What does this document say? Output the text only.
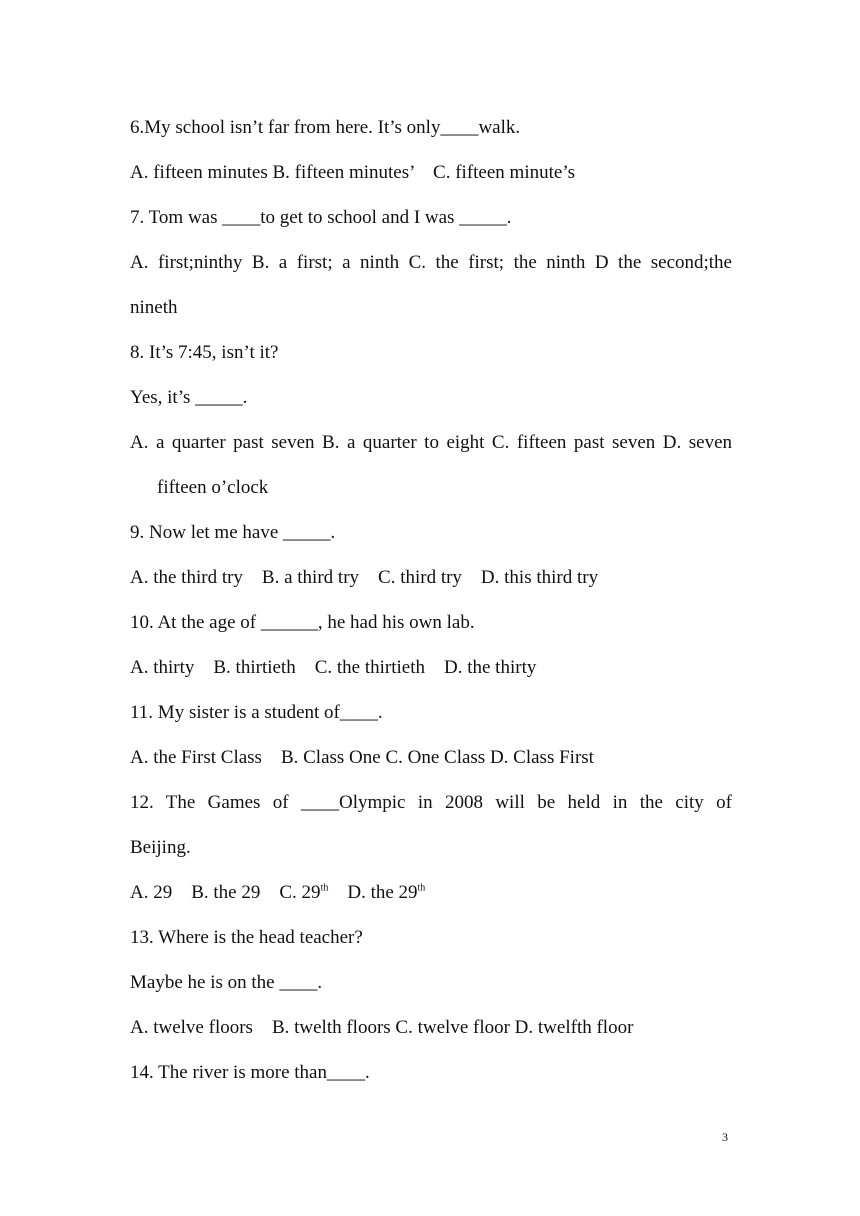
6.My school isn’t far from here. It’s only____walk.

A. fifteen minutes B. fifteen minutes’    C. fifteen minute’s

7. Tom was ____to get to school and I was _____.

A. first;ninthy B. a first; a ninth C. the first; the ninth D the second;the

nineth

8. It’s 7:45, isn’t it?

Yes, it’s _____.

A. a quarter past seven B. a quarter to eight C. fifteen past seven D. seven

fifteen o’clock

9. Now let me have _____.

A. the third try    B. a third try    C. third try    D. this third try

10. At the age of ______, he had his own lab.

A. thirty    B. thirtieth    C. the thirtieth    D. the thirty

11. My sister is a student of____.

A. the First Class    B. Class One C. One Class D. Class First

12. The Games of ____Olympic in 2008 will be held in the city of

Beijing.

A. 29 B. the 29 C. 29th D. the 29th

13. Where is the head teacher?

Maybe he is on the ____.

A. twelve floors    B. twelth floors C. twelve floor D. twelfth floor

14. The river is more than____.

3
